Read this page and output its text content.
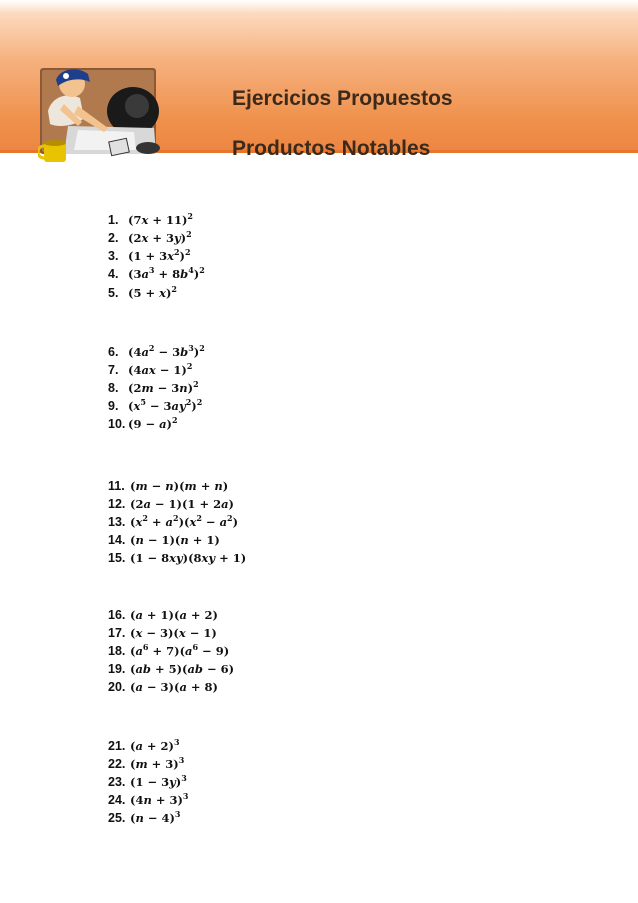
Ejercicios Propuestos
Productos Notables
1. $(7x + 11)^2$
2. $(2x + 3y)^2$
3. $(1 + 3x^2)^2$
4. $(3a^3 + 8b^4)^2$
5. $(5 + x)^2$
6. $(4a^2 - 3b^3)^2$
7. $(4ax - 1)^2$
8. $(2m - 3n)^2$
9. $(x^5 - 3ay^2)^2$
10. $(9 - a)^2$
11. (m − n)(m + n)
12. (2a − 1)(1 + 2a)
13. $(x^2 + a^2)(x^2 - a^2)$
14. (n − 1)(n + 1)
15. (1 − 8xy)(8xy + 1)
16. (a + 1)(a + 2)
17. (x − 3)(x − 1)
18. $(a^6 + 7)(a^6 - 9)$
19. (ab + 5)(ab − 6)
20. (a − 3)(a + 8)
21. $(a + 2)^3$
22. $(m + 3)^3$
23. $(1 - 3y)^3$
24. $(4n + 3)^3$
25. $(n - 4)^3$
